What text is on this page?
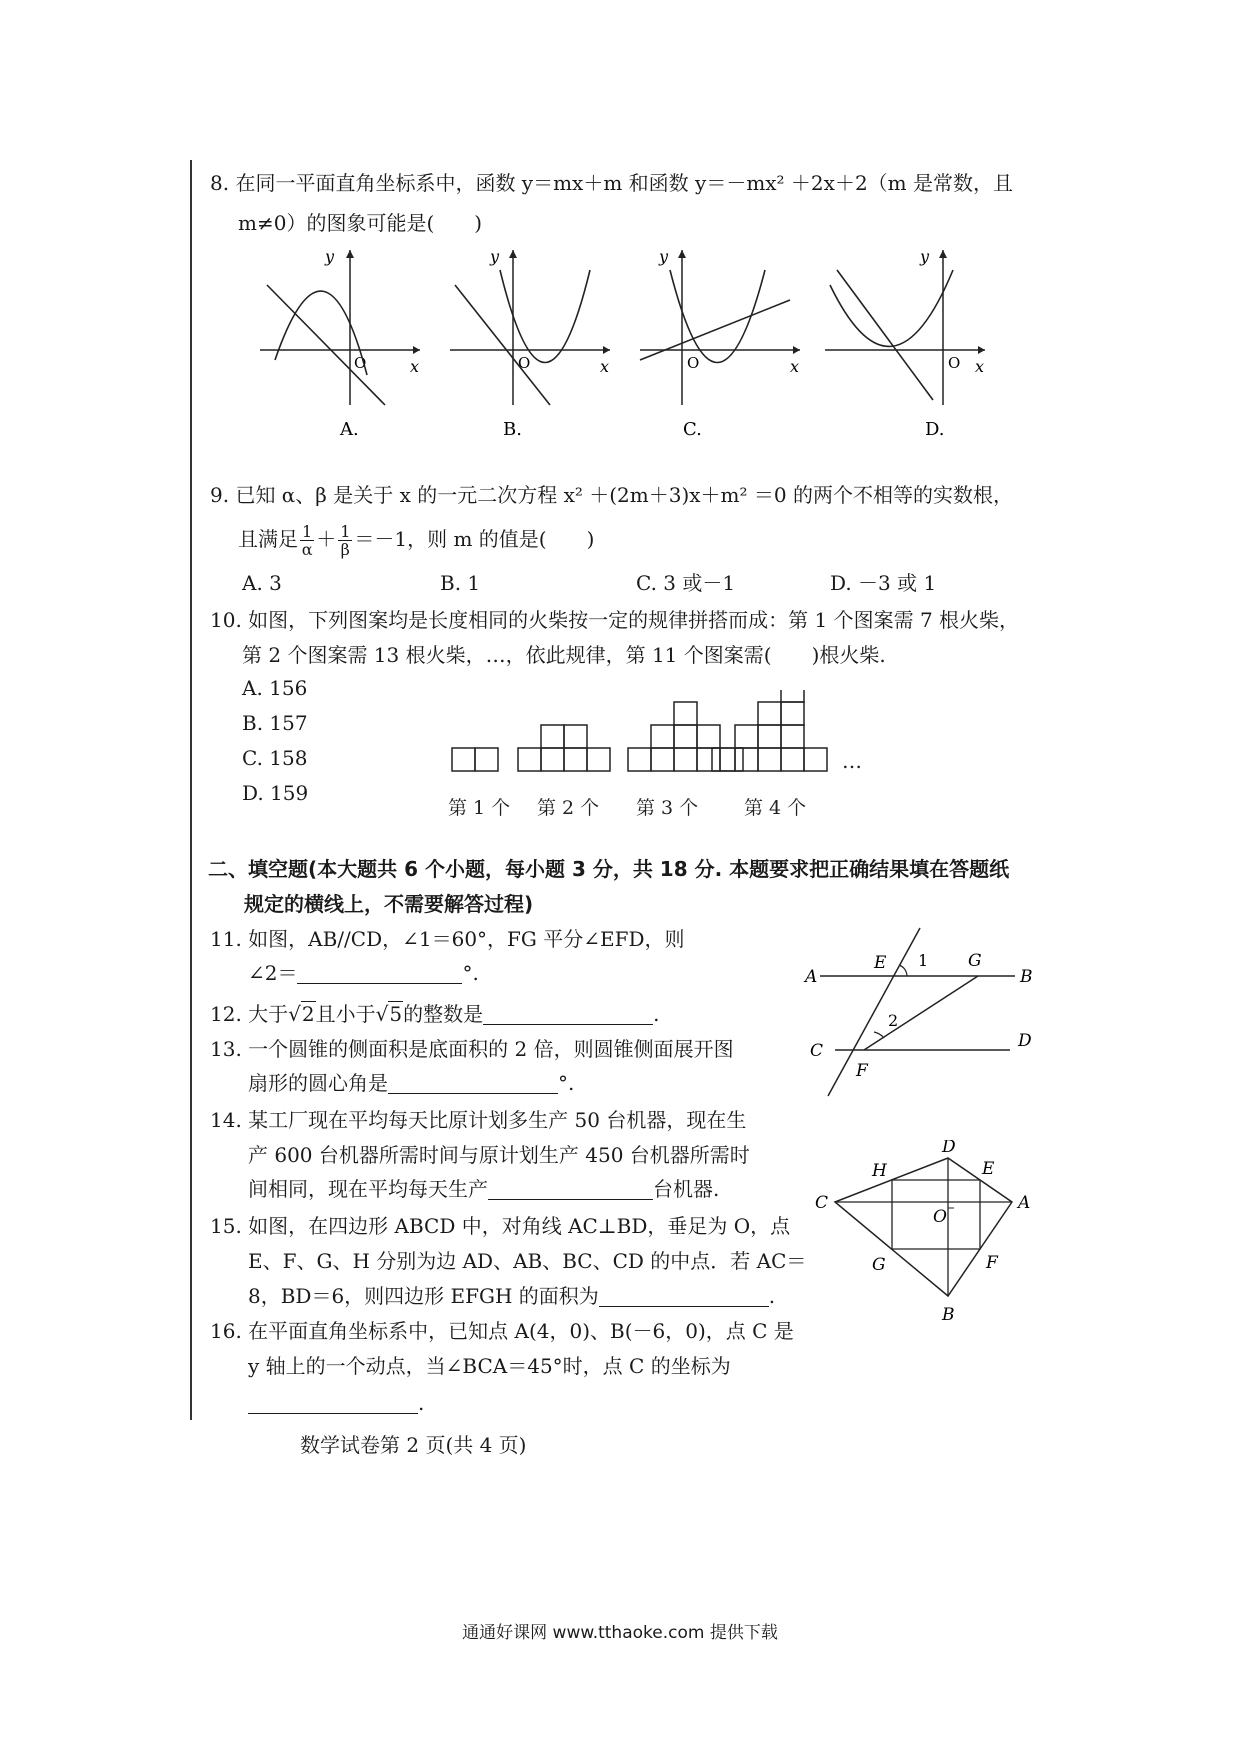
8. 在同一平面直角坐标系中，函数 y＝mx＋m 和函数 y＝－mx² ＋2x＋2（m 是常数，且
m≠0）的图象可能是(　　)
y
x
O
A.
y
x
O
B.
y
x
O
C.
y
x
O
D.
9. 已知 α、β 是关于 x 的一元二次方程 x² ＋(2m＋3)x＋m² ＝0 的两个不相等的实数根，
且满足 $\frac{1}{\alpha} + \frac{1}{\beta} =-1$，则 m 的值是(　　)
A. 3	B. 1	C. 3 或－1	D. －3 或 1
10. 如图，下列图案均是长度相同的火柴按一定的规律拼搭而成：第 1 个图案需 7 根火柴，
第 2 个图案需 13 根火柴，…，依此规律，第 11 个图案需(　　)根火柴.
A. 156
B. 157
C. 158
D. 159
…
第 1 个 第 2 个 第 3 个 第 4 个
二、填空题(本大题共 6 个小题，每小题 3 分，共 18 分. 本题要求把正确结果填在答题纸
规定的横线上，不需要解答过程)
11. 如图，AB//CD，∠1＝60°，FG 平分∠EFD，则
∠2＝	°.	A
E 1 G
B
2
C	D
F
12. 大于√2且小于√5的整数是	.
13. 一个圆锥的侧面积是底面积的 2 倍，则圆锥侧面展开图
扇形的圆心角是	°.
14. 某工厂现在平均每天比原计划多生产 50 台机器，现在生
产 600 台机器所需时间与原计划生产 450 台机器所需时
间相同，现在平均每天生产	台机器.
D
H	E
C
O
A
G	F
B
15. 如图，在四边形 ABCD 中，对角线 AC⊥BD，垂足为 O，点
E、F、G、H 分别为边 AD、AB、BC、CD 的中点．若 AC＝
8，BD＝6，则四边形 EFGH 的面积为	.
16. 在平面直角坐标系中，已知点 A(4，0)、B(－6，0)，点 C 是
y 轴上的一个动点，当∠BCA＝45°时，点 C 的坐标为
.
数学试卷第 2 页(共 4 页)
通通好课网 www.tthaoke.com 提供下载
